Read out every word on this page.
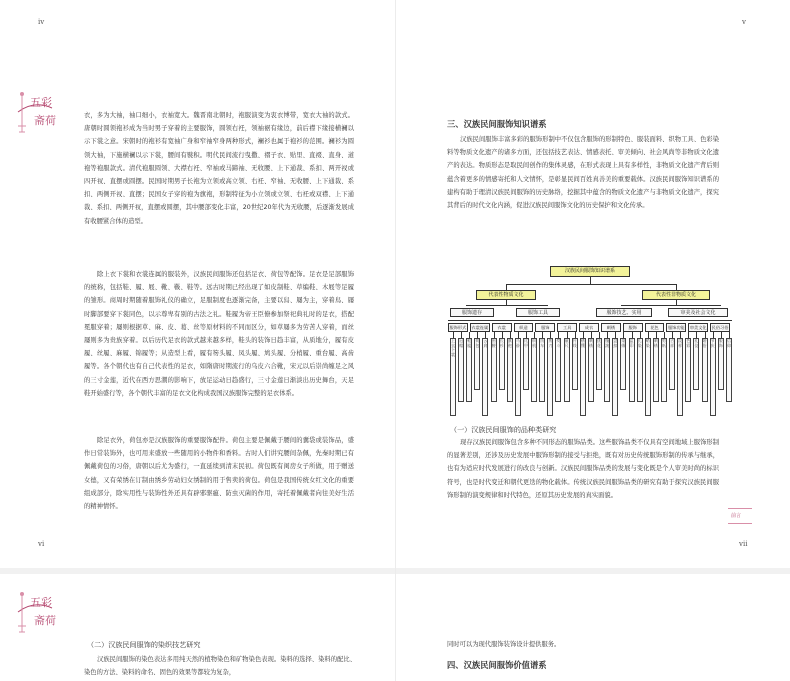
iv
五彩
斋荷	衣，多为大袖，袖口细小，衣袖宽大。魏晋南北朝时，袍服演变为衷衣博带，宽衣大袖的款式。唐朝时圆领袍衫成为当时男子穿着的主要服饰，圆领右衽，领袖裾有缘边，前后襟下缘接横襕以示下裳之意。宋朝时的袍衫有宽袖广身和窄袖窄身两种形式，襕衫也属于袍衫的范围。襕衫为圆领大袖，下施横襕以示下裳，腰间有襞积。明代民间流行曳撒、褶子衣、贴里、直裰、直身、道袍等袍服款式。清代袍服圆领、大襟右衽、窄袖或马蹄袖、无收腰、上下通裁、系扣、两开衩或四开衩、直摆或圆摆。民国时期男子长袍为立领或高立领、右衽、窄袖、无收腰、上下通裁、系扣、两侧开衩、直摆；民国女子穿的袍为旗袍，形制特征为小立领或立领、右衽或双襟、上下通裁、系扣、两侧开衩，直摆或圆摆，其中腰部变化丰富，20世纪20年代为无收腰，后逐渐发展成有收腰紧合体的造型。

除上衣下裳和衣裳连属的服装外，汉族民间服饰还包括足衣、荷包等配饰。足衣是足部服饰的统称，包括鞋、履、屐、靴、靸、鞋等。远古时期已经出现了如皮制鞋、草编鞋、木屐等足履的雏形。商周时期随着服饰礼仪的确立，足服制度也逐渐完备，主要以舄、屦为主，穿着舄、屦时脚部要穿下裳同色，以示尊卑有别的古法之礼。鞋履为帝王臣僚参加祭祀典礼时的足衣，搭配冕服穿着；屦则根据草、麻、皮、葛、丝等原材料的不同而区分，如草屦多为劳苦人穿着，而丝屦则多为贵族穿着。以后历代足衣的款式越来越多样，鞋头的装饰日趋丰富，从质地分，履有皮履、丝履、麻履、锦履等；从造型上看，履有笏头履、凤头履、鸠头履、分梢履、重台履、高齿履等。各个朝代也有自己代表性的足衣，如隋唐时期流行的乌皮六合靴，宋元以后崇尚缠足之风的三寸金莲，近代在西方思潮的影响下，放足运动日趋盛行，三寸金莲日渐淡出历史舞台，天足鞋开始盛行等，各个朝代丰富的足衣文化构成我国汉族服饰完整的足衣体系。

除足衣外，荷包亦是汉族服饰的重要服饰配件。荷包主要是佩戴于腰间的囊袋或装饰品，盛作日常装饰外，也可用来盛放一些随用的小物件和香料。古时人们讲究腰间杂佩，先秦时期已有佩戴荷包的习俗，唐朝以后尤为盛行，一直延续到清末民初。荷包既有闺房女子所做，用于赠送女德，又有荣绣在订制由绣乡劳动妇女绣制的用于售卖的荷包。荷包是我国传统女红文化的重要组成部分，除实用性与装饰性外还具有辟邪驱瘟、防虫灭菌的作用，寄托着佩戴者向往美好生活的精神情怀。

vi
v
三、汉族民间服饰知识谱系

汉族民间服饰丰富多彩的服饰形制中不仅包含服饰的形制特色、服装面料、织物工具、色彩染料等物质文化遗产的诸多方面，还包括技艺表达、情感表托、审美倾向、社会风尚等非物质文化遗产的表达。物质形态是取民间创作的集体灵感，在形式表现上具有多样性，非物质文化遗产背后则蕴含着更多的情感寄托和人文情怀，是彰显民间百姓真善美的重要载体。汉族民间服饰知识谱系的建构有助于理清汉族民间服饰的历史脉络，挖掘其中蕴含的物质文化遗产与非物质文化遗产，探究其背后的时代文化内涵，促进汉族民间服饰文化的历史保护和文化传承。

（一）汉族民间服饰的品种类研究

现存汉族民间服饰包含多种不同形态的服饰品类。这些服饰品类不仅具有空间地域上服饰形制的显著差别，还涉及历史发展中服饰形制的接受与拒绝，既有对历史传统服饰形制的传承与继承，也有为适应时代发展进行的改良与创新。汉族民间服饰品类的发展与变化既是个人审美时尚的标识符号，也是时代变迁和朝代更迭的物化载体。传统汉族民间服饰品类的研究有助于探究汉族民间服饰形制的演变规律和时代特色，还原其历史发展的真实面貌。

前言
vii
五彩
斋荷
（二）汉族民间服饰的染织技艺研究

汉族民间服饰的染色表达多用纯天然的植物染色和矿物染色表现。染料的选择、染料的配比、染色的方法、染料的命名、固色的效果等都较为复杂，

同时可以为现代服饰装饰设计提供服务。

四、汉族民间服饰价值谱系
汉族民间服饰知识谱系
代表性物质文化	代表性非物质文化
服饰遗存	服饰工具	服饰技艺、实用	审美及社会文化
服饰形式	衣裳连属	衣裳	织造	服饰	工具	成衣	刺绣	服饰	花色	服饰功能	审美文化	民俗习俗
上衣下裳
冠帽
鞋履
荷包
云肩
围腰
长衫
旗袍
马褂
比甲
织机
纺车
剪刀
熨斗
量尺
针线
绣绷
刺绣
挑花
镶滚
盘扣
染缬
蓝印
扎染
蜡染
刺绣
剪纸
吉祥
纹样
色彩
礼仪
婚俗
节庆
服饰
信仰
